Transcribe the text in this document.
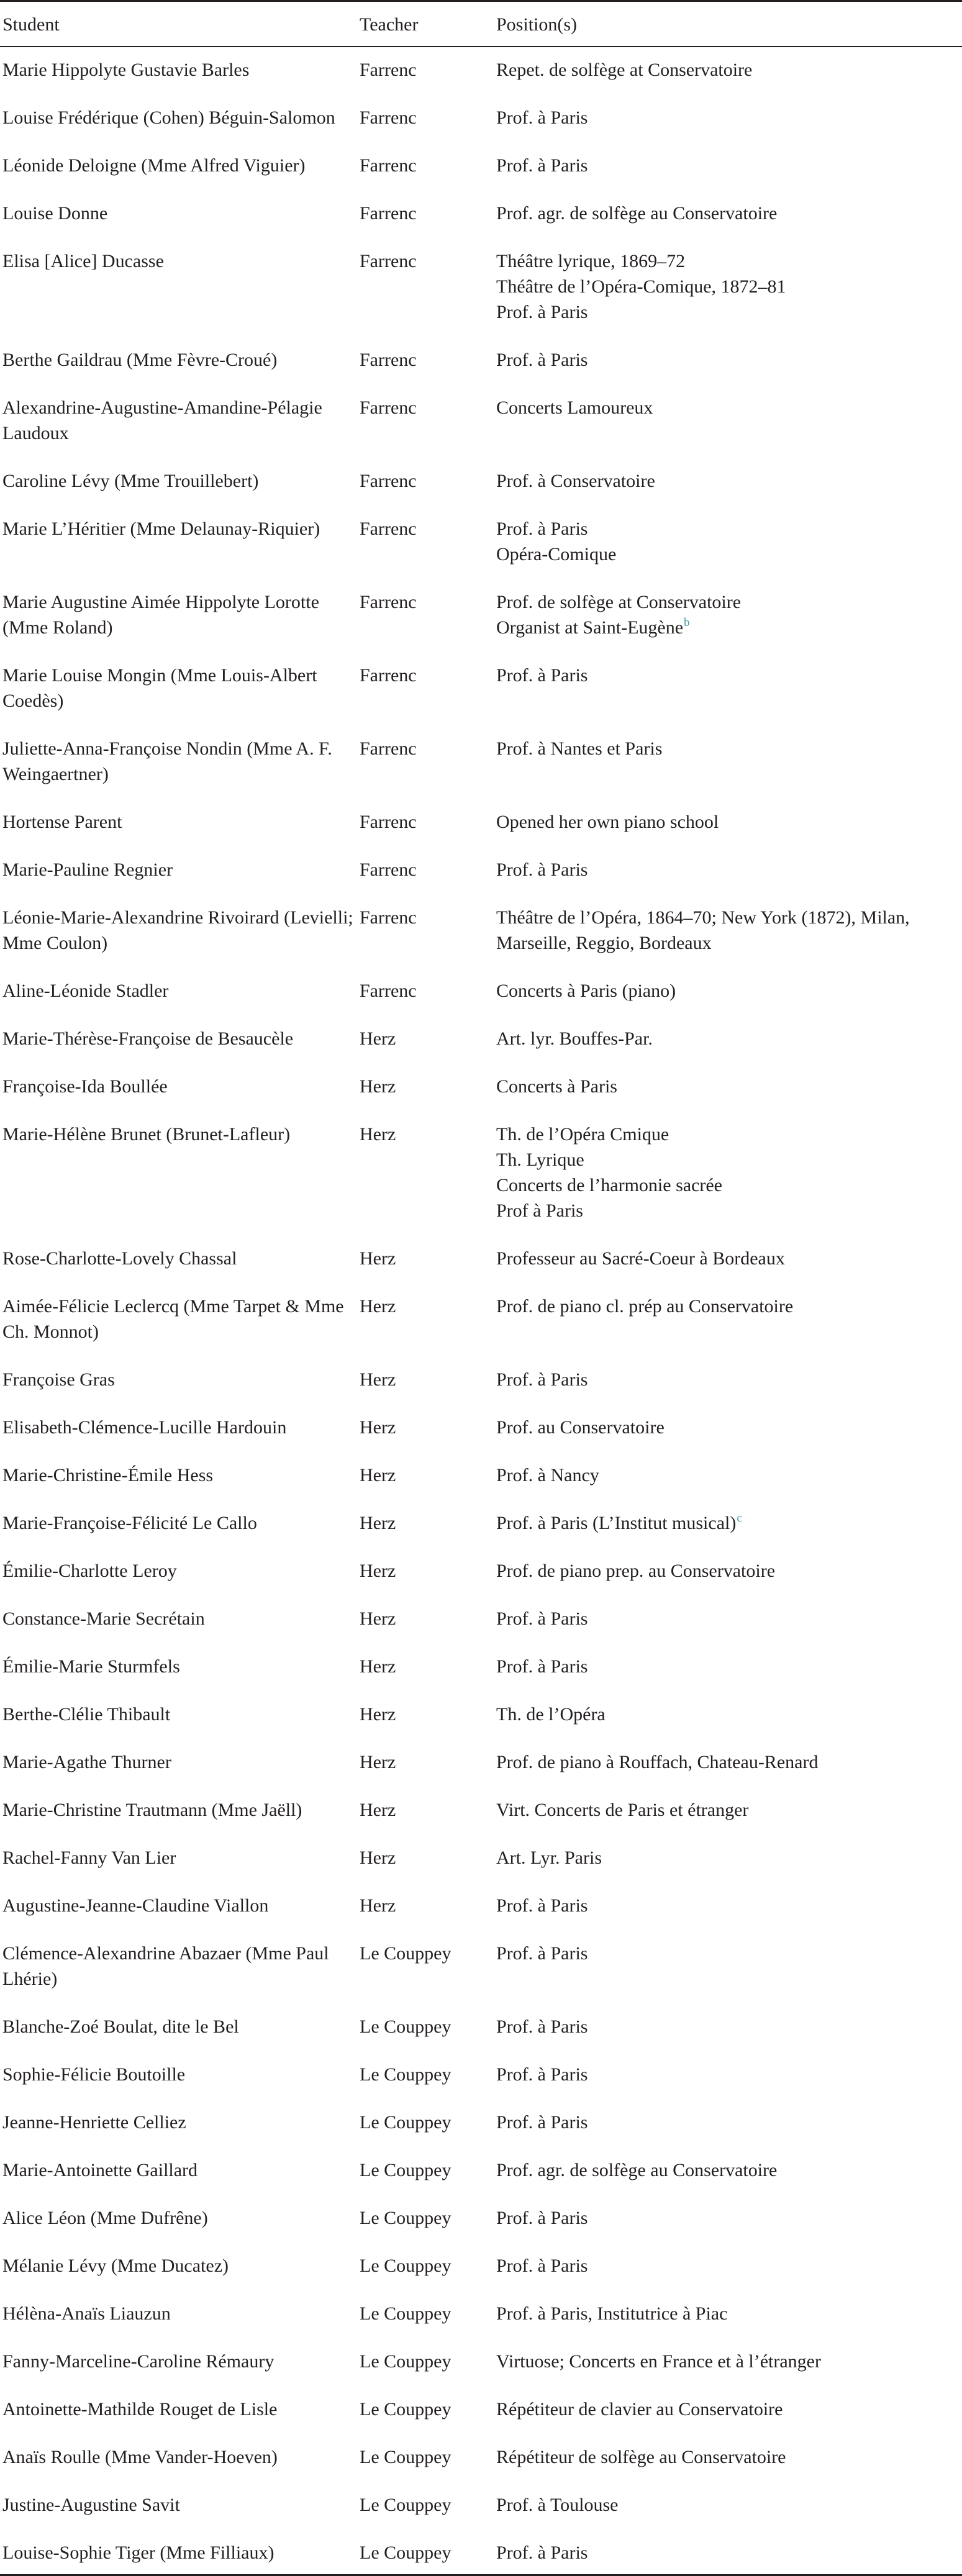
Student	Teacher	Position(s)
Marie Hippolyte Gustavie Barles	Farrenc	Repet. de solfège at Conservatoire

Louise Frédérique (Cohen) Béguin-Salomon	Farrenc	Prof. à Paris

Léonide Deloigne (Mme Alfred Viguier)	Farrenc	Prof. à Paris

Louise Donne	Farrenc	Prof. agr. de solfège au Conservatoire

Elisa [Alice] Ducasse	Farrenc	Théâtre lyrique, 1869–72
Théâtre de l’Opéra-Comique, 1872–81
Prof. à Paris

Berthe Gaildrau (Mme Fèvre-Croué)	Farrenc	Prof. à Paris

Alexandrine-Augustine-Amandine-Pélagie Laudoux	Farrenc	Concerts Lamoureux

Caroline Lévy (Mme Trouillebert)	Farrenc	Prof. à Conservatoire

Marie L’Héritier (Mme Delaunay-Riquier)	Farrenc	Prof. à Paris
Opéra-Comique

Marie Augustine Aimée Hippolyte Lorotte (Mme Roland)	Farrenc	Prof. de solfège at Conservatoire
Organist at Saint-Eugène$^b$

Marie Louise Mongin (Mme Louis-Albert Coedès)	Farrenc	Prof. à Paris

Juliette-Anna-Françoise Nondin (Mme A. F. Weingaertner)	Farrenc	Prof. à Nantes et Paris

Hortense Parent	Farrenc	Opened her own piano school

Marie-Pauline Regnier	Farrenc	Prof. à Paris

Léonie-Marie-Alexandrine Rivoirard (Levielli; Mme Coulon)	Farrenc	Théâtre de l’Opéra, 1864–70; New York (1872), Milan,
Marseille, Reggio, Bordeaux

Aline-Léonide Stadler	Farrenc	Concerts à Paris (piano)

Marie-Thérèse-Françoise de Besaucèle	Herz	Art. lyr. Bouffes-Par.

Françoise-Ida Boullée	Herz	Concerts à Paris

Marie-Hélène Brunet (Brunet-Lafleur)	Herz	Th. de l’Opéra Cmique
Th. Lyrique
Concerts de l’harmonie sacrée
Prof à Paris

Rose-Charlotte-Lovely Chassal	Herz	Professeur au Sacré-Coeur à Bordeaux

Aimée-Félicie Leclercq (Mme Tarpet & Mme Ch. Monnot)	Herz	Prof. de piano cl. prép au Conservatoire

Françoise Gras	Herz	Prof. à Paris

Elisabeth-Clémence-Lucille Hardouin	Herz	Prof. au Conservatoire

Marie-Christine-Émile Hess	Herz	Prof. à Nancy

Marie-Françoise-Félicité Le Callo	Herz	Prof. à Paris (L’Institut musical)$^c$

Émilie-Charlotte Leroy	Herz	Prof. de piano prep. au Conservatoire

Constance-Marie Secrétain	Herz	Prof. à Paris

Émilie-Marie Sturmfels	Herz	Prof. à Paris

Berthe-Clélie Thibault	Herz	Th. de l’Opéra

Marie-Agathe Thurner	Herz	Prof. de piano à Rouffach, Chateau-Renard

Marie-Christine Trautmann (Mme Jaëll)	Herz	Virt. Concerts de Paris et étranger

Rachel-Fanny Van Lier	Herz	Art. Lyr. Paris

Augustine-Jeanne-Claudine Viallon	Herz	Prof. à Paris

Clémence-Alexandrine Abazaer (Mme Paul Lhérie)	Le Couppey	Prof. à Paris

Blanche-Zoé Boulat, dite le Bel	Le Couppey	Prof. à Paris

Sophie-Félicie Boutoille	Le Couppey	Prof. à Paris

Jeanne-Henriette Celliez	Le Couppey	Prof. à Paris

Marie-Antoinette Gaillard	Le Couppey	Prof. agr. de solfège au Conservatoire

Alice Léon (Mme Dufrêne)	Le Couppey	Prof. à Paris

Mélanie Lévy (Mme Ducatez)	Le Couppey	Prof. à Paris

Hélèna-Anaïs Liauzun	Le Couppey	Prof. à Paris, Institutrice à Piac

Fanny-Marceline-Caroline Rémaury	Le Couppey	Virtuose; Concerts en France et à l’étranger

Antoinette-Mathilde Rouget de Lisle	Le Couppey	Répétiteur de clavier au Conservatoire

Anaïs Roulle (Mme Vander-Hoeven)	Le Couppey	Répétiteur de solfège au Conservatoire

Justine-Augustine Savit	Le Couppey	Prof. à Toulouse

Louise-Sophie Tiger (Mme Filliaux)	Le Couppey	Prof. à Paris
